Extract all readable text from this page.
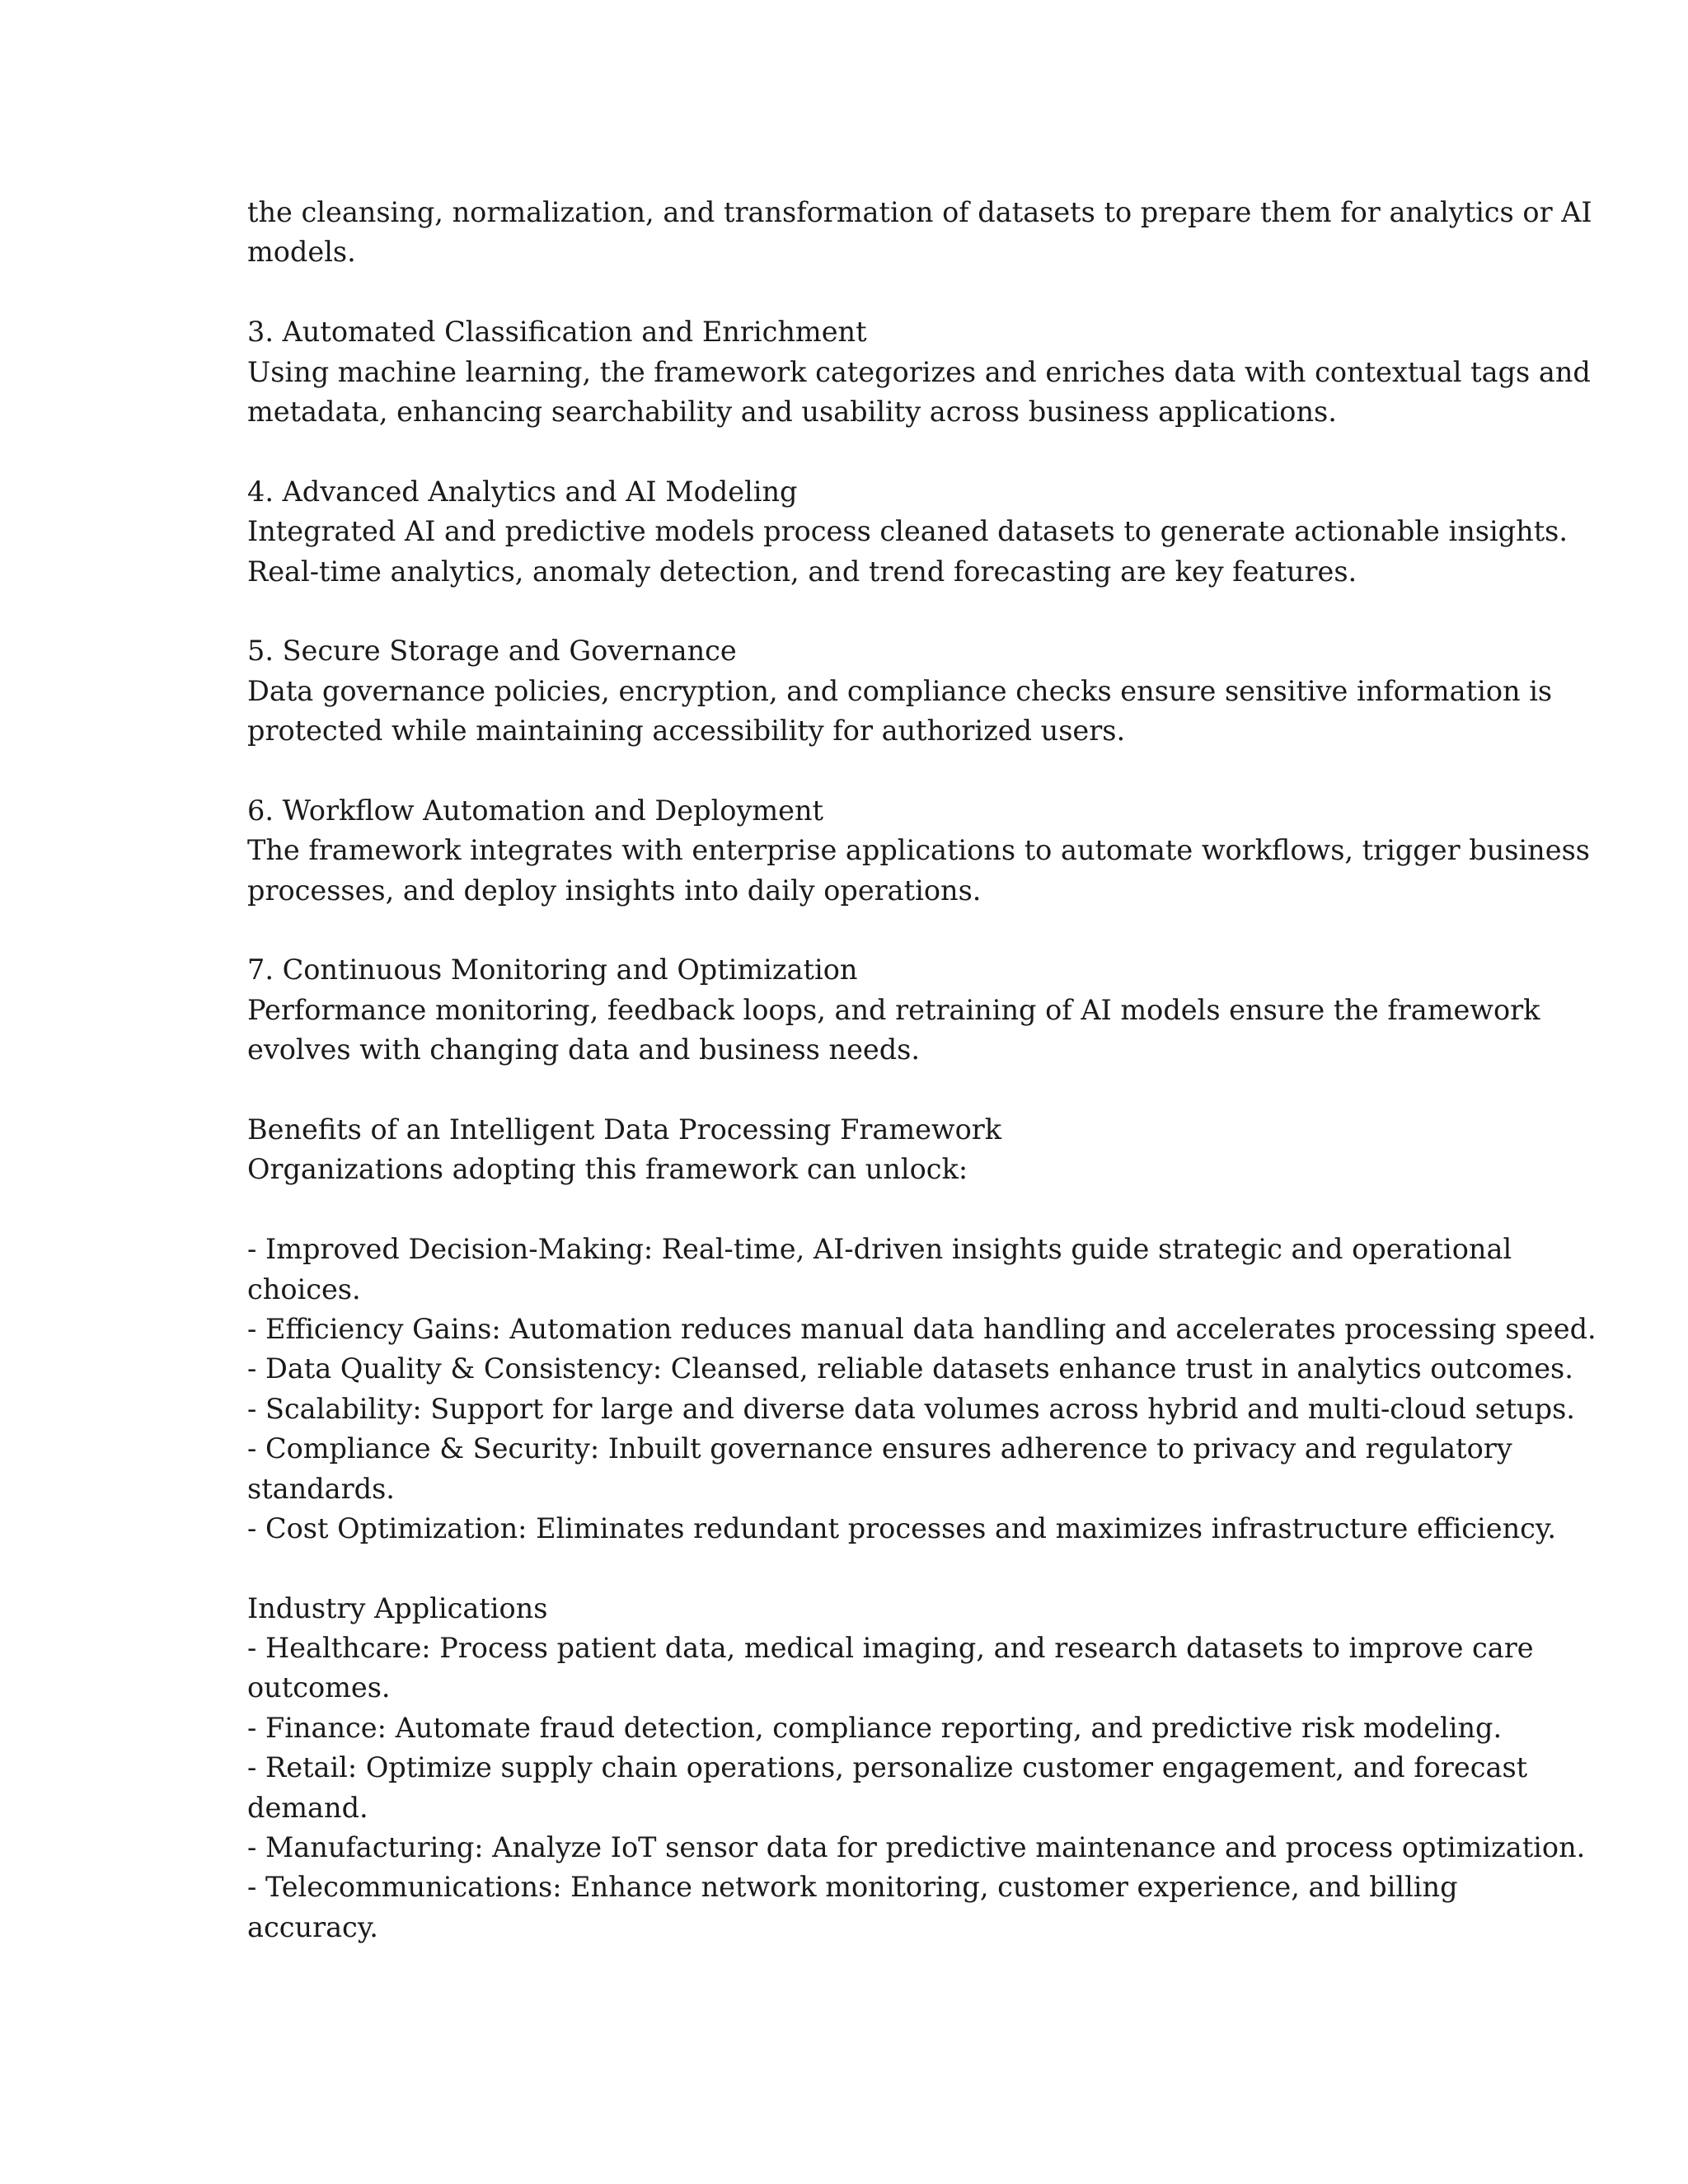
the cleansing, normalization, and transformation of datasets to prepare them for analytics or AI
models.
3. Automated Classification and Enrichment
Using machine learning, the framework categorizes and enriches data with contextual tags and
metadata, enhancing searchability and usability across business applications.
4. Advanced Analytics and AI Modeling
Integrated AI and predictive models process cleaned datasets to generate actionable insights.
Real-time analytics, anomaly detection, and trend forecasting are key features.
5. Secure Storage and Governance
Data governance policies, encryption, and compliance checks ensure sensitive information is
protected while maintaining accessibility for authorized users.
6. Workflow Automation and Deployment
The framework integrates with enterprise applications to automate workflows, trigger business
processes, and deploy insights into daily operations.
7. Continuous Monitoring and Optimization
Performance monitoring, feedback loops, and retraining of AI models ensure the framework
evolves with changing data and business needs.
Benefits of an Intelligent Data Processing Framework
Organizations adopting this framework can unlock:
- Improved Decision-Making: Real-time, AI-driven insights guide strategic and operational
choices.
- Efficiency Gains: Automation reduces manual data handling and accelerates processing speed.
- Data Quality & Consistency: Cleansed, reliable datasets enhance trust in analytics outcomes.
- Scalability: Support for large and diverse data volumes across hybrid and multi-cloud setups.
- Compliance & Security: Inbuilt governance ensures adherence to privacy and regulatory
standards.
- Cost Optimization: Eliminates redundant processes and maximizes infrastructure efficiency.
Industry Applications
- Healthcare: Process patient data, medical imaging, and research datasets to improve care
outcomes.
- Finance: Automate fraud detection, compliance reporting, and predictive risk modeling.
- Retail: Optimize supply chain operations, personalize customer engagement, and forecast
demand.
- Manufacturing: Analyze IoT sensor data for predictive maintenance and process optimization.
- Telecommunications: Enhance network monitoring, customer experience, and billing
accuracy.
